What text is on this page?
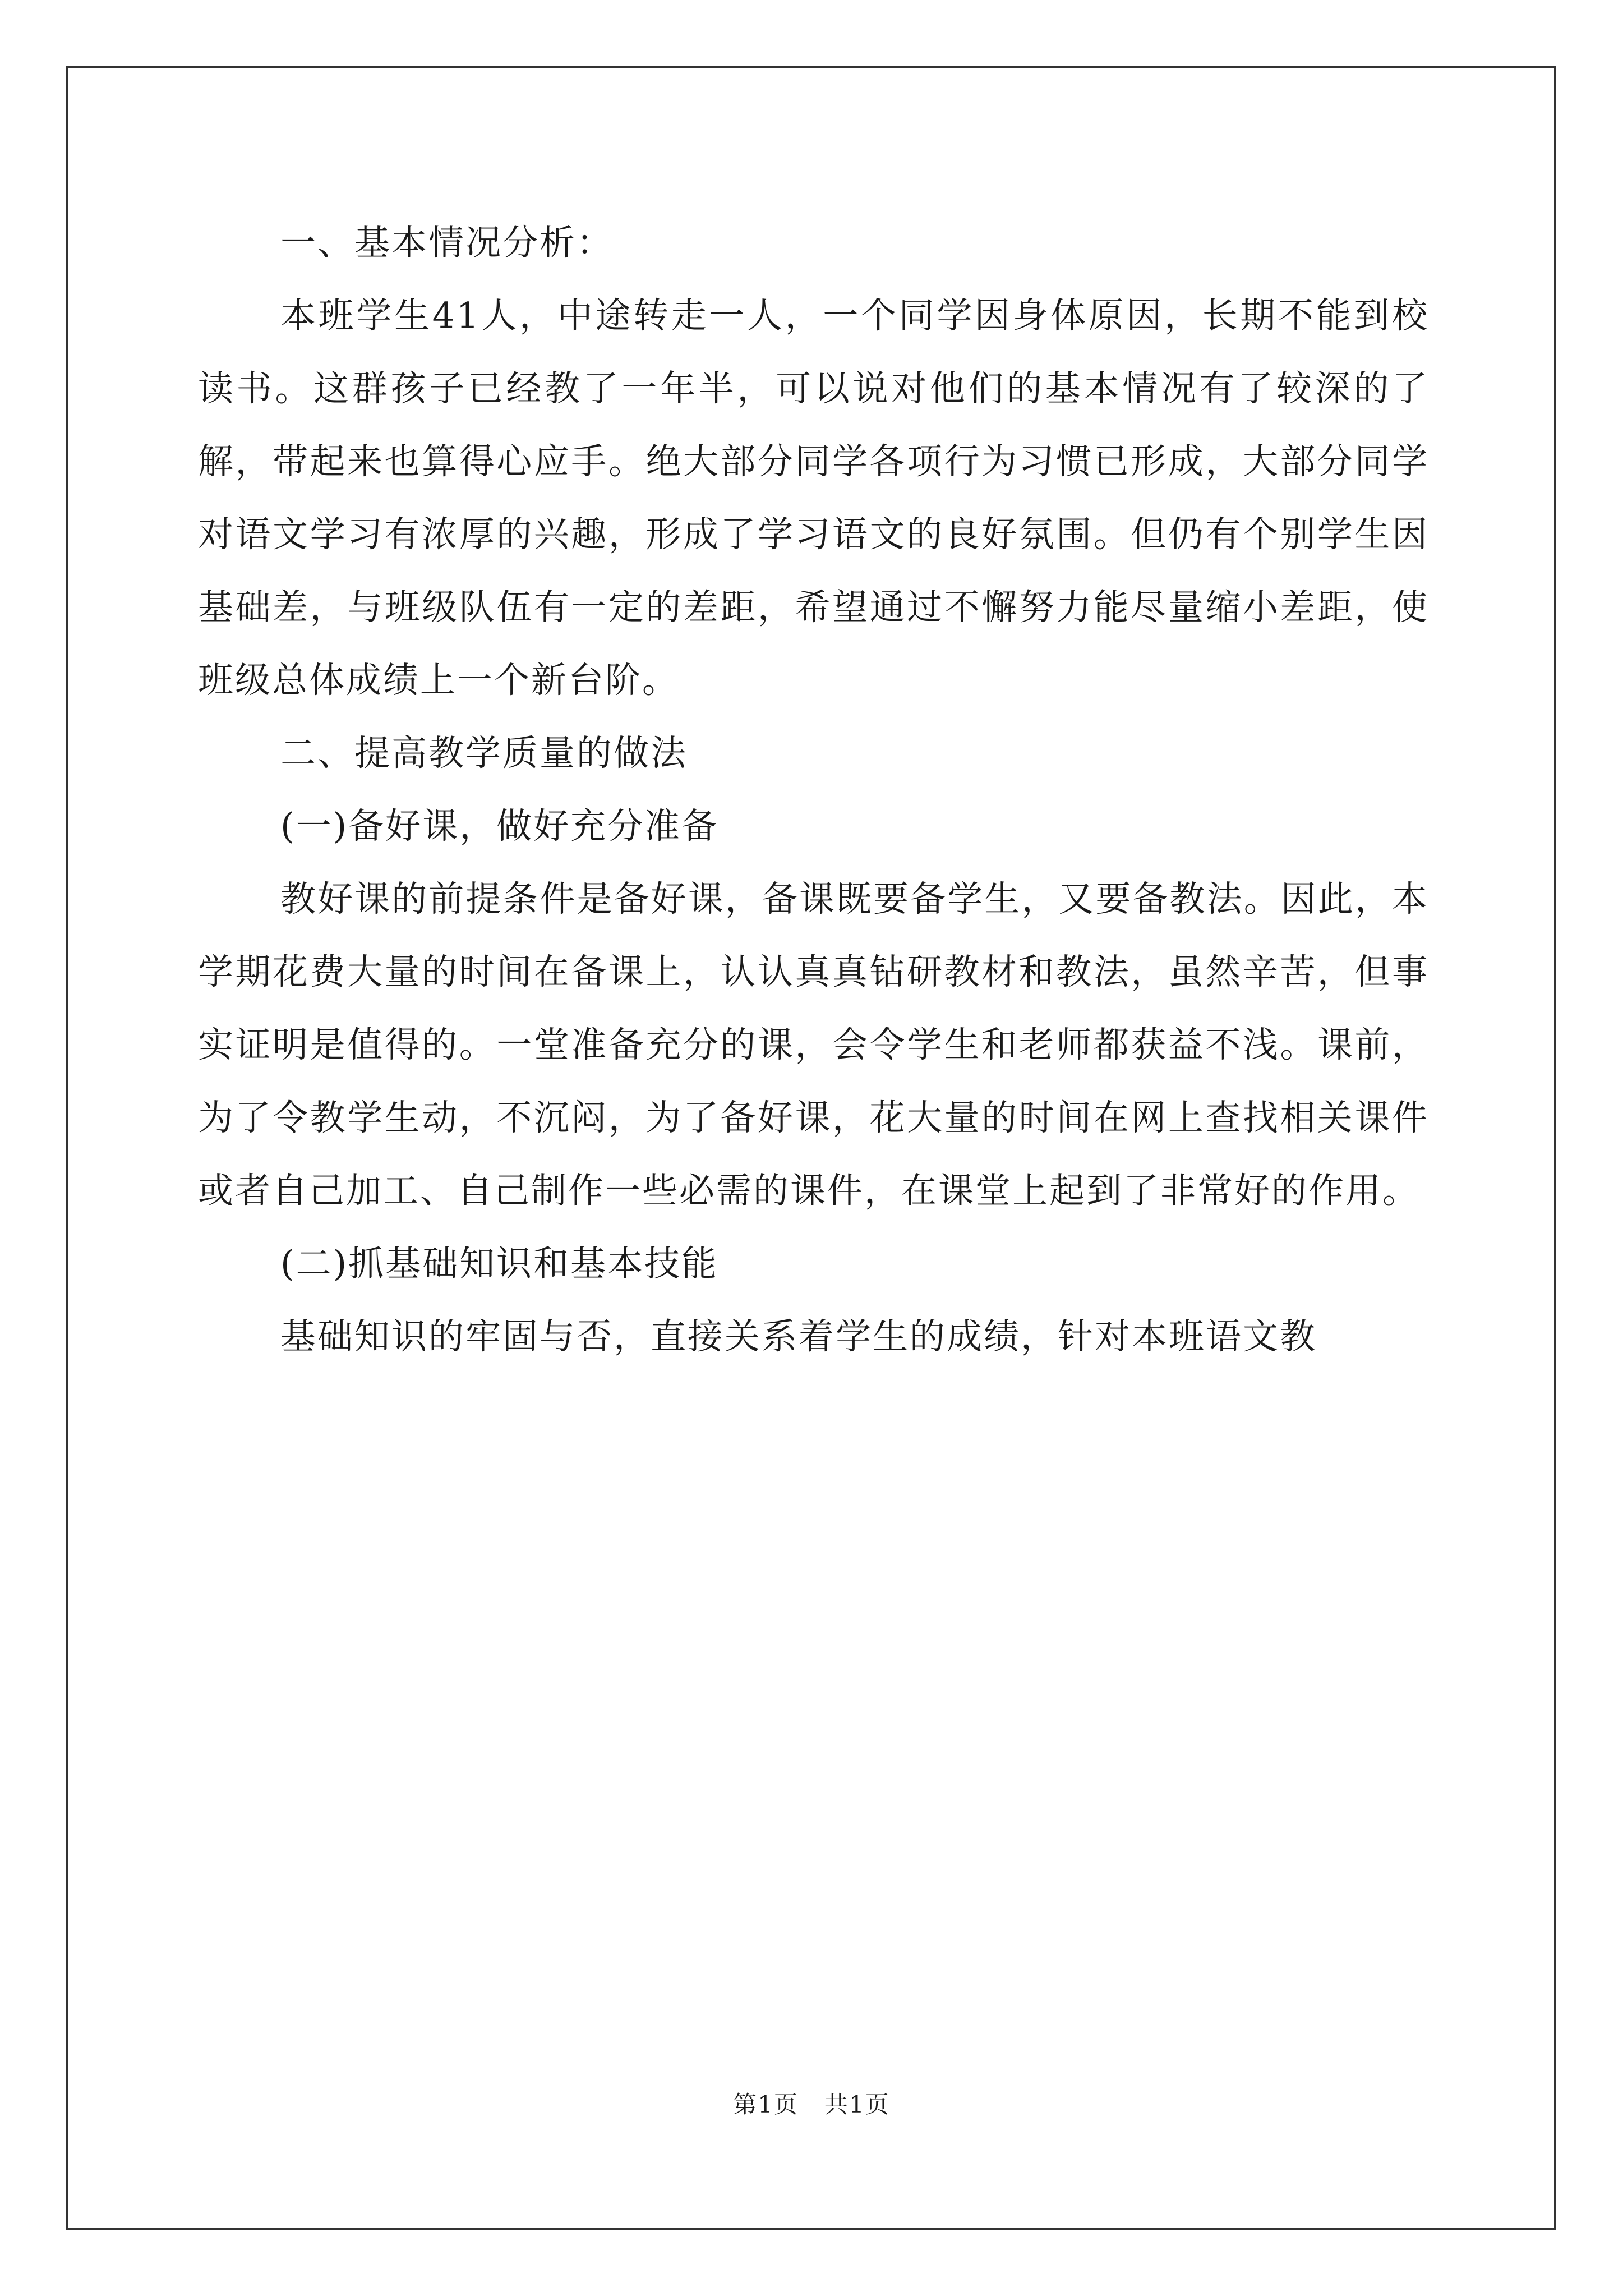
一、基本情况分析：

本班学生41人，中途转走一人，一个同学因身体原因，长期不能到校读书。这群孩子已经教了一年半，可以说对他们的基本情况有了较深的了解，带起来也算得心应手。绝大部分同学各项行为习惯已形成，大部分同学对语文学习有浓厚的兴趣，形成了学习语文的良好氛围。但仍有个别学生因基础差，与班级队伍有一定的差距，希望通过不懈努力能尽量缩小差距，使班级总体成绩上一个新台阶。

二、提高教学质量的做法

(一)备好课，做好充分准备

教好课的前提条件是备好课，备课既要备学生，又要备教法。因此，本学期花费大量的时间在备课上，认认真真钻研教材和教法，虽然辛苦，但事实证明是值得的。一堂准备充分的课，会令学生和老师都获益不浅。课前，为了令教学生动，不沉闷，为了备好课，花大量的时间在网上查找相关课件或者自己加工、自己制作一些必需的课件，在课堂上起到了非常好的作用。

(二)抓基础知识和基本技能

基础知识的牢固与否，直接关系着学生的成绩，针对本班语文教

第1页   共1页
